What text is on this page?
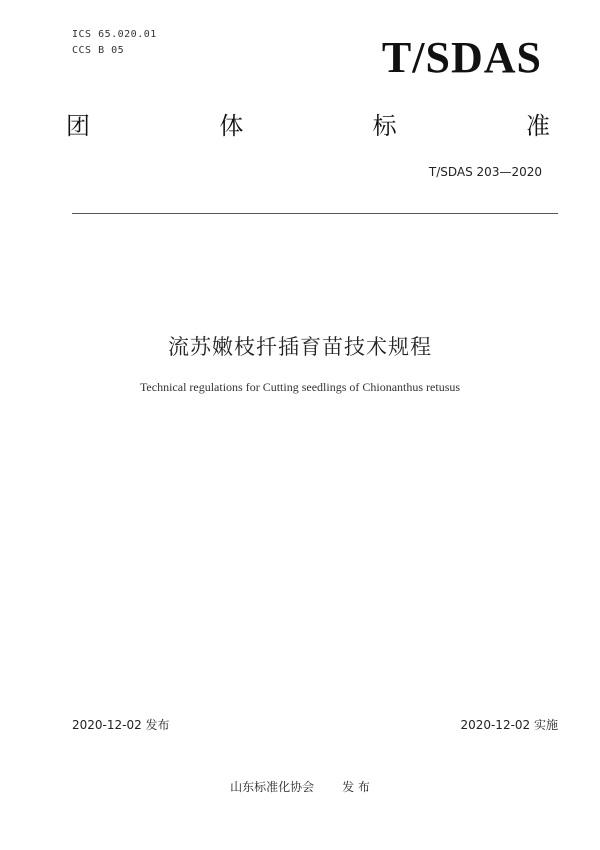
ICS 65.020.01
CCS B 05	T/SDAS
团	体	标	准
T/SDAS 203—2020
流苏嫩枝扦插育苗技术规程
Technical regulations for Cutting seedlings of Chionanthus retusus
2020-12-02 发布	2020-12-02 实施
山东标准化协会 发 布
